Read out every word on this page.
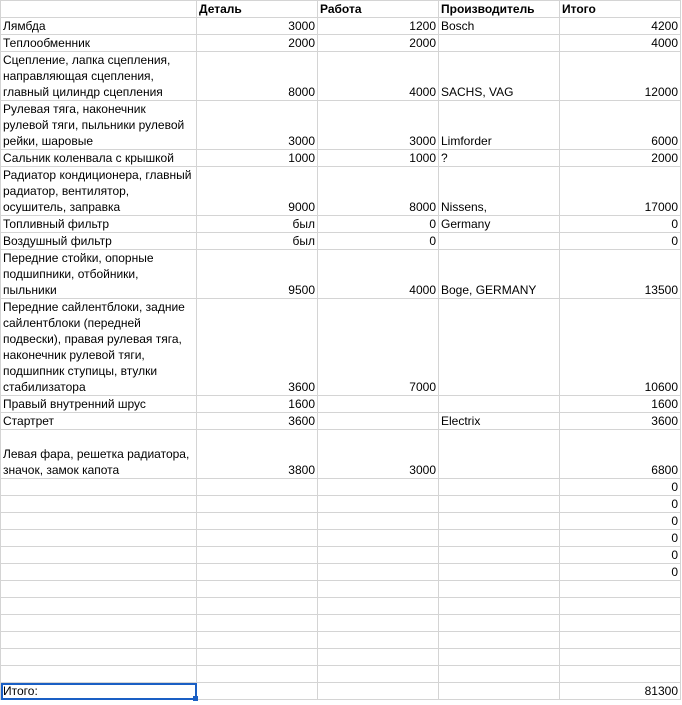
	Деталь	Работа	Производитель	Итого
Лямбда	3000	1200	Bosch	4200
Теплообменник	2000	2000		4000
Сцепление, лапка сцепления, направляющая сцепления, главный цилиндр сцепления	8000	4000	SACHS, VAG	12000
Рулевая тяга, наконечник рулевой тяги, пыльники рулевой рейки, шаровые	3000	3000	Limforder	6000
Сальник коленвала с крышкой	1000	1000	?	2000
Радиатор кондиционера, главный радиатор, вентилятор, осушитель, заправка	9000	8000	Nissens,	17000
Топливный фильтр	был	0	Germany	0
Воздушный фильтр	был	0		0
Передние стойки, опорные подшипники, отбойники, пыльники	9500	4000	Boge, GERMANY	13500
Передние сайлентблоки, задние сайлентблоки (передней подвески), правая рулевая тяга, наконечник рулевой тяги, подшипник ступицы, втулки стабилизатора	3600	7000		10600
Правый внутренний шрус	1600			1600
Стартрет	3600		Electrix	3600
Левая фара, решетка радиатора, значок, замок капота	3800	3000		6800
				0
				0
				0
				0
				0
				0

Итого:				81300
